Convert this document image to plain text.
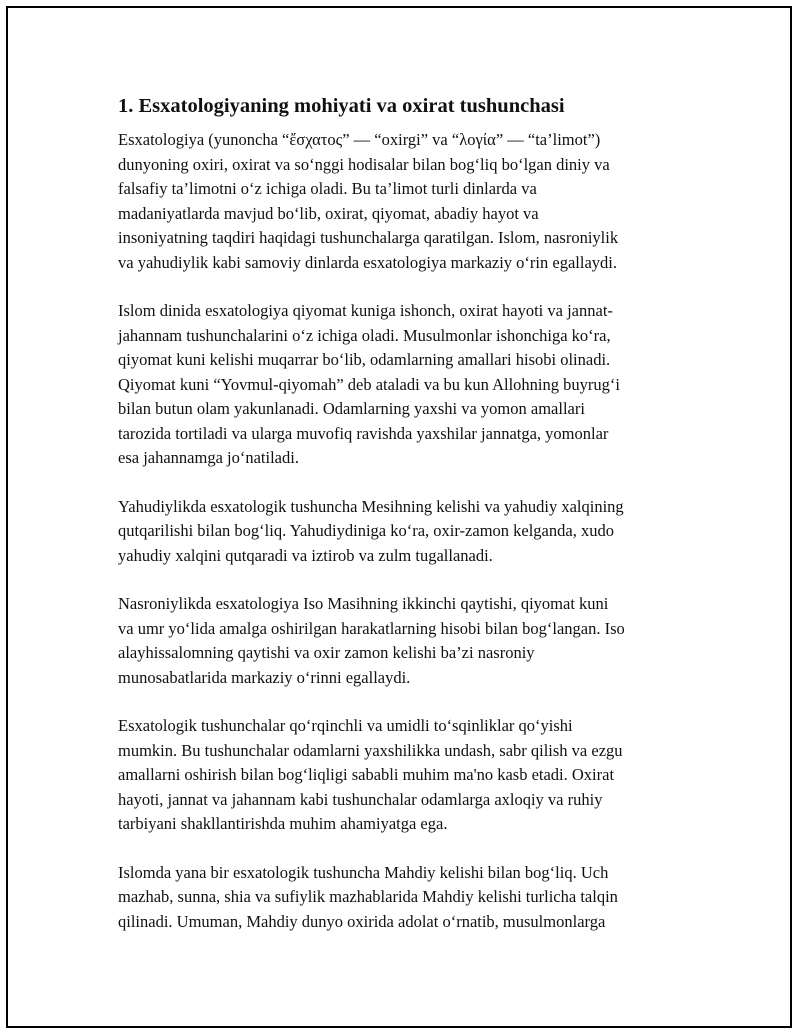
1. Esxatologiyaning mohiyati va oxirat tushunchasi

Esxatologiya (yunoncha “ἔσχατος” — “oxirgi” va “λογία” — “ta’limot”)
dunyoning oxiri, oxirat va so‘nggi hodisalar bilan bog‘liq bo‘lgan diniy va
falsafiy ta’limotni o‘z ichiga oladi. Bu ta’limot turli dinlarda va
madaniyatlarda mavjud bo‘lib, oxirat, qiyomat, abadiy hayot va
insoniyatning taqdiri haqidagi tushunchalarga qaratilgan. Islom, nasroniylik
va yahudiylik kabi samoviy dinlarda esxatologiya markaziy o‘rin egallaydi.

Islom dinida esxatologiya qiyomat kuniga ishonch, oxirat hayoti va jannat-
jahannam tushunchalarini o‘z ichiga oladi. Musulmonlar ishonchiga ko‘ra,
qiyomat kuni kelishi muqarrar bo‘lib, odamlarning amallari hisobi olinadi.
Qiyomat kuni “Yovmul-qiyomah” deb ataladi va bu kun Allohning buyrug‘i
bilan butun olam yakunlanadi. Odamlarning yaxshi va yomon amallari
tarozida tortiladi va ularga muvofiq ravishda yaxshilar jannatga, yomonlar
esa jahannamga jo‘natiladi.

Yahudiylikda esxatologik tushuncha Mesihning kelishi va yahudiy xalqining
qutqarilishi bilan bog‘liq. Yahudiydiniga ko‘ra, oxir-zamon kelganda, xudo
yahudiy xalqini qutqaradi va iztirob va zulm tugallanadi.

Nasroniylikda esxatologiya Iso Masihning ikkinchi qaytishi, qiyomat kuni
va umr yo‘lida amalga oshirilgan harakatlarning hisobi bilan bog‘langan. Iso
alayhissalomning qaytishi va oxir zamon kelishi ba’zi nasroniy
munosabatlarida markaziy o‘rinni egallaydi.

Esxatologik tushunchalar qo‘rqinchli va umidli to‘sqinliklar qo‘yishi
mumkin. Bu tushunchalar odamlarni yaxshilikka undash, sabr qilish va ezgu
amallarni oshirish bilan bog‘liqligi sababli muhim ma'no kasb etadi. Oxirat
hayoti, jannat va jahannam kabi tushunchalar odamlarga axloqiy va ruhiy
tarbiyani shakllantirishda muhim ahamiyatga ega.

Islomda yana bir esxatologik tushuncha Mahdiy kelishi bilan bog‘liq. Uch
mazhab, sunna, shia va sufiylik mazhablarida Mahdiy kelishi turlicha talqin
qilinadi. Umuman, Mahdiy dunyo oxirida adolat o‘rnatib, musulmonlarga
